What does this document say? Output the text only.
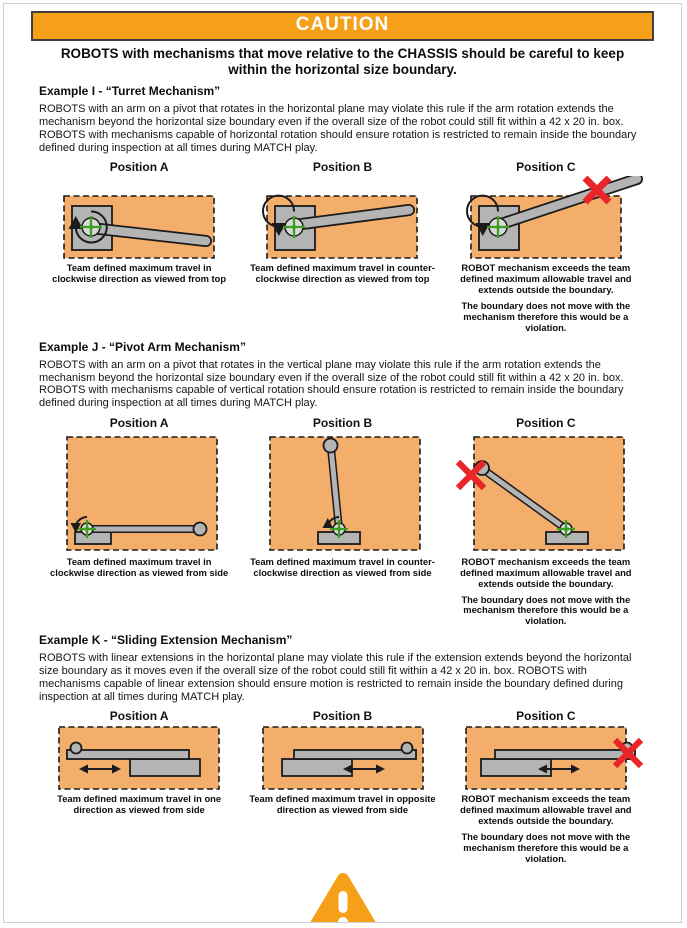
CAUTION
ROBOTS with mechanisms that move relative to the CHASSIS should be careful to keep within the horizontal size boundary.
Example I - “Turret Mechanism”

ROBOTS with an arm on a pivot that rotates in the horizontal plane may violate this rule if the arm rotation extends the mechanism beyond the horizontal size boundary even if the overall size of the robot could still fit within a 42 x 20 in. box. ROBOTS with mechanisms capable of horizontal rotation should ensure rotation is restricted to remain inside the boundary defined during inspection at all times during MATCH play.

Position A
Team defined maximum travel in clockwise direction as viewed from top
Position B
Team defined maximum travel in counter-clockwise direction as viewed from top
Position C
ROBOT mechanism exceeds the team defined maximum allowable travel and extends outside the boundary.
The boundary does not move with the mechanism therefore this would be a violation.
Example J - “Pivot Arm Mechanism”

ROBOTS with an arm on a pivot that rotates in the vertical plane may violate this rule if the arm rotation extends the mechanism beyond the horizontal size boundary even if the overall size of the robot could still fit within a 42 x 20 in. box. ROBOTS with mechanisms capable of vertical rotation should ensure rotation is restricted to remain inside the boundary defined during inspection at all times during MATCH play.

Position A
Team defined maximum travel in clockwise direction as viewed from side
Position B
Team defined maximum travel in counter-clockwise direction as viewed from side
Position C
ROBOT mechanism exceeds the team defined maximum allowable travel and extends outside the boundary.
The boundary does not move with the mechanism therefore this would be a violation.
Example K - “Sliding Extension Mechanism”

ROBOTS with linear extensions in the horizontal plane may violate this rule if the extension extends beyond the horizontal size boundary as it moves even if the overall size of the robot could still fit within a 42 x 20 in. box. ROBOTS with mechanisms capable of linear extension should ensure motion is restricted to remain inside the boundary defined during inspection at all times during MATCH play.

Position A
Team defined maximum travel in one direction as viewed from side
Position B
Team defined maximum travel in opposite direction as viewed from side
Position C
ROBOT mechanism exceeds the team defined maximum allowable travel and extends outside the boundary.
The boundary does not move with the mechanism therefore this would be a violation.
